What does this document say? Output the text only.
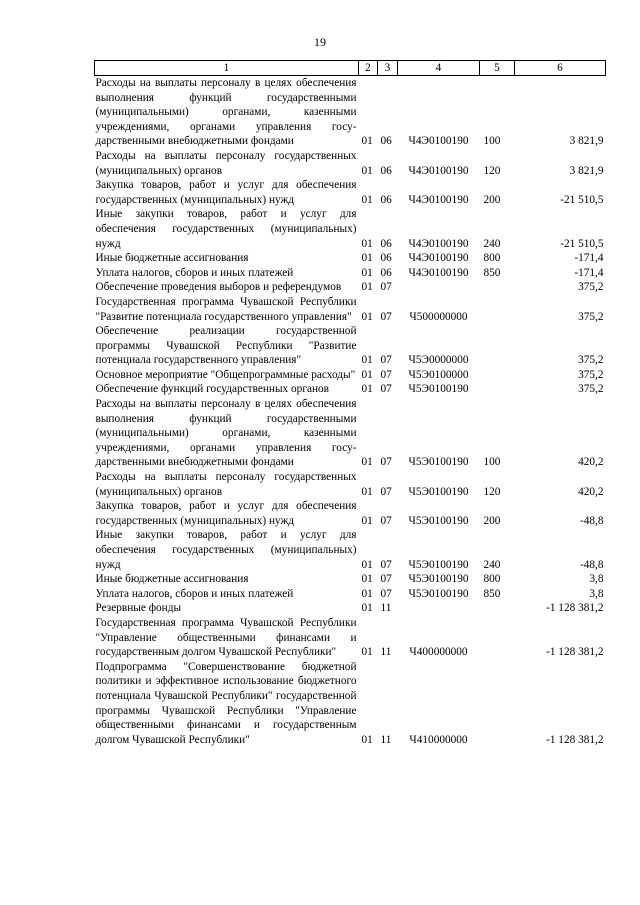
19
1	2	3	4	5	6
Расходы на выплаты персоналу в целях обеспечения выполнения функций государственными (муниципальными) органами, казенными учреждениями, органами управления государственными внебюджетными фондами	01	06	Ч4Э0100190	100	3 821,9
Расходы на выплаты персоналу государственных (муниципальных) органов	01	06	Ч4Э0100190	120	3 821,9
Закупка товаров, работ и услуг для обеспечения государственных (муниципальных) нужд	01	06	Ч4Э0100190	200	-21 510,5
Иные закупки товаров, работ и услуг для обеспечения государственных (муниципальных) нужд	01	06	Ч4Э0100190	240	-21 510,5
Иные бюджетные ассигнования	01	06	Ч4Э0100190	800	-171,4
Уплата налогов, сборов и иных платежей	01	06	Ч4Э0100190	850	-171,4
Обеспечение проведения выборов и референдумов	01	07			375,2
Государственная программа Чувашской Республики "Развитие потенциала государственного управления"	01	07	Ч500000000		375,2
Обеспечение реализации государственной программы Чувашской Республики "Развитие потенциала государственного управления"	01	07	Ч5Э0000000		375,2
Основное мероприятие "Общепрограммные расходы"	01	07	Ч5Э0100000		375,2
Обеспечение функций государственных органов	01	07	Ч5Э0100190		375,2
Расходы на выплаты персоналу в целях обеспечения выполнения функций государственными (муниципальными) органами, казенными учреждениями, органами управления государственными внебюджетными фондами	01	07	Ч5Э0100190	100	420,2
Расходы на выплаты персоналу государственных (муниципальных) органов	01	07	Ч5Э0100190	120	420,2
Закупка товаров, работ и услуг для обеспечения государственных (муниципальных) нужд	01	07	Ч5Э0100190	200	-48,8
Иные закупки товаров, работ и услуг для обеспечения государственных (муниципальных) нужд	01	07	Ч5Э0100190	240	-48,8
Иные бюджетные ассигнования	01	07	Ч5Э0100190	800	3,8
Уплата налогов, сборов и иных платежей	01	07	Ч5Э0100190	850	3,8
Резервные фонды	01	11			-1 128 381,2
Государственная программа Чувашской Республики "Управление общественными финансами и государственным долгом Чувашской Республики"	01	11	Ч400000000		-1 128 381,2
Подпрограмма "Совершенствование бюджетной политики и эффективное использование бюджетного потенциала Чувашской Республики" государственной программы Чувашской Республики "Управление общественными финансами и государственным долгом Чувашской Республики"	01	11	Ч410000000		-1 128 381,2
